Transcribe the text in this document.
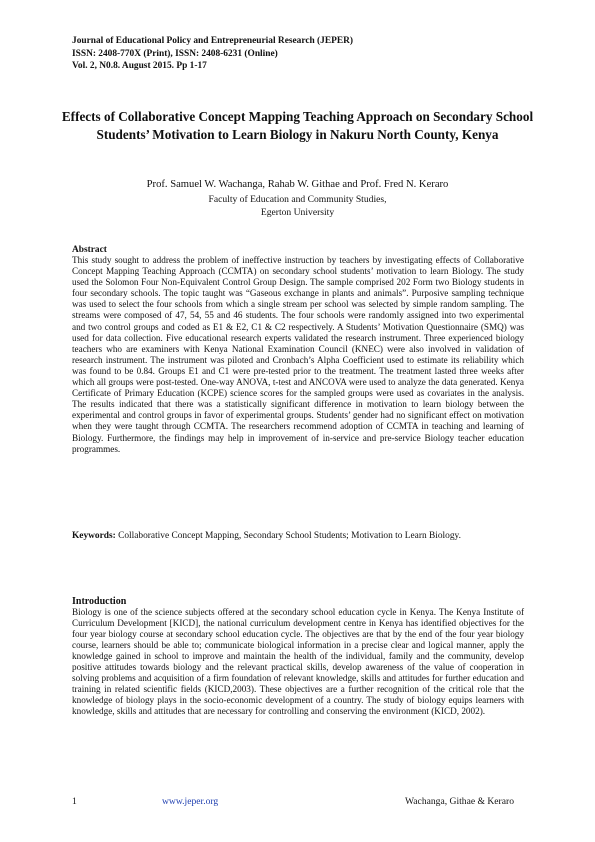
Journal of Educational Policy and Entrepreneurial Research (JEPER)
ISSN: 2408-770X (Print), ISSN: 2408-6231 (Online)
Vol. 2, N0.8. August 2015. Pp 1-17
Effects of Collaborative Concept Mapping Teaching Approach on Secondary School Students’ Motivation to Learn Biology in Nakuru North County, Kenya
Prof. Samuel W. Wachanga, Rahab W. Githae and Prof. Fred N. Keraro
Faculty of Education and Community Studies,
Egerton University
Abstract

This study sought to address the problem of ineffective instruction by teachers by investigating effects of Collaborative Concept Mapping Teaching Approach (CCMTA) on secondary school students’ motivation to learn Biology. The study used the Solomon Four Non-Equivalent Control Group Design. The sample comprised 202 Form two Biology students in four secondary schools. The topic taught was “Gaseous exchange in plants and animals”. Purposive sampling technique was used to select the four schools from which a single stream per school was selected by simple random sampling. The streams were composed of 47, 54, 55 and 46 students. The four schools were randomly assigned into two experimental and two control groups and coded as E1 & E2, C1 & C2 respectively. A Students’ Motivation Questionnaire (SMQ) was used for data collection. Five educational research experts validated the research instrument. Three experienced biology teachers who are examiners with Kenya National Examination Council (KNEC) were also involved in validation of research instrument. The instrument was piloted and Cronbach’s Alpha Coefficient used to estimate its reliability which was found to be 0.84. Groups E1 and C1 were pre-tested prior to the treatment. The treatment lasted three weeks after which all groups were post-tested. One-way ANOVA, t-test and ANCOVA were used to analyze the data generated. Kenya Certificate of Primary Education (KCPE) science scores for the sampled groups were used as covariates in the analysis. The results indicated that there was a statistically significant difference in motivation to learn biology between the experimental and control groups in favor of experimental groups. Students’ gender had no significant effect on motivation when they were taught through CCMTA. The researchers recommend adoption of CCMTA in teaching and learning of Biology. Furthermore, the findings may help in improvement of in-service and pre-service Biology teacher education programmes.

Keywords: Collaborative Concept Mapping, Secondary School Students; Motivation to Learn Biology.

Introduction

Biology is one of the science subjects offered at the secondary school education cycle in Kenya. The Kenya Institute of Curriculum Development [KICD], the national curriculum development centre in Kenya has identified objectives for the four year biology course at secondary school education cycle. The objectives are that by the end of the four year biology course, learners should be able to; communicate biological information in a precise clear and logical manner, apply the knowledge gained in school to improve and maintain the health of the individual, family and the community, develop positive attitudes towards biology and the relevant practical skills, develop awareness of the value of cooperation in solving problems and acquisition of a firm foundation of relevant knowledge, skills and attitudes for further education and training in related scientific fields (KICD,2003). These objectives are a further recognition of the critical role that the knowledge of biology plays in the socio-economic development of a country. The study of biology equips learners with knowledge, skills and attitudes that are necessary for controlling and conserving the environment (KICD, 2002).

1	www.jeper.org	Wachanga, Githae & Keraro
